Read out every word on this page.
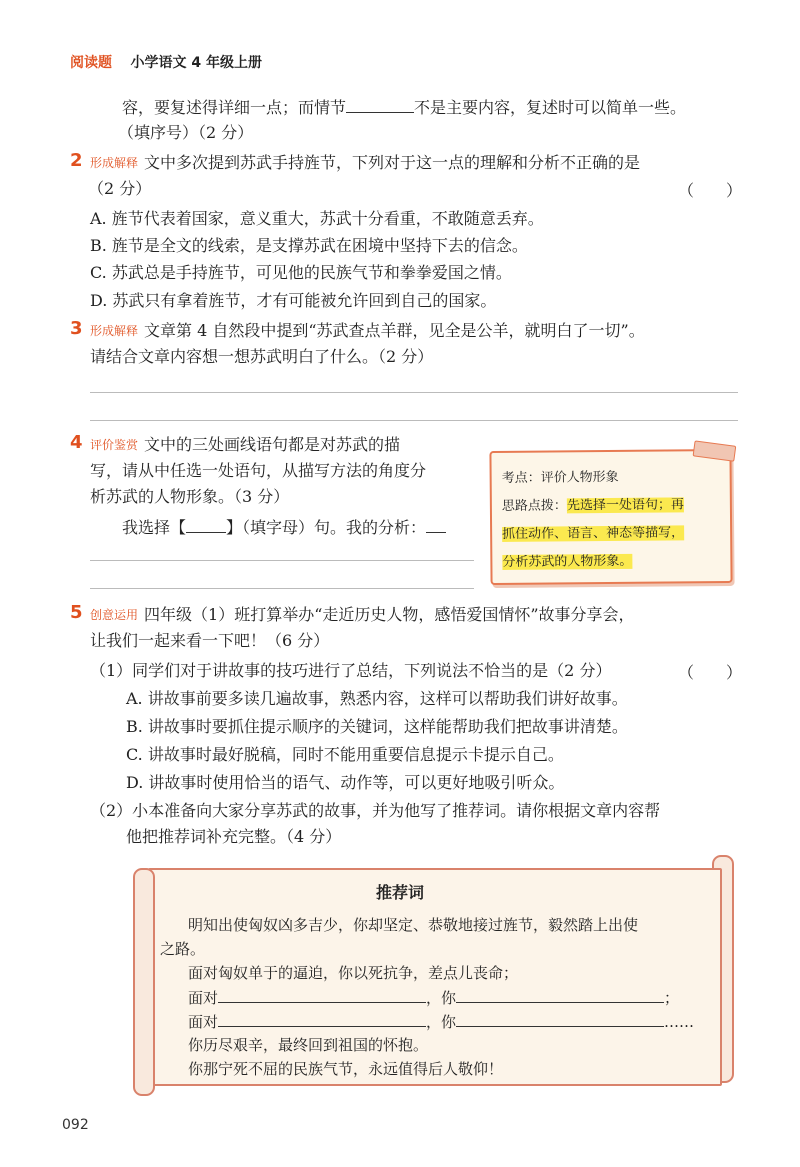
阅读题 小学语文 4 年级上册
容，要复述得详细一点；而情节	不是主要内容，复述时可以简单一些。
（填序号）（2 分）
2 形成解释 文中多次提到苏武手持旌节，下列对于这一点的理解和分析不正确的是
（2 分）	（　　）
A. 旌节代表着国家，意义重大，苏武十分看重，不敢随意丢弃。
B. 旌节是全文的线索，是支撑苏武在困境中坚持下去的信念。
C. 苏武总是手持旌节，可见他的民族气节和拳拳爱国之情。
D. 苏武只有拿着旌节，才有可能被允许回到自己的国家。
3 形成解释 文章第 4 自然段中提到“苏武查点羊群，见全是公羊，就明白了一切”。
请结合文章内容想一想苏武明白了什么。（2 分）
4 评价鉴赏 文中的三处画线语句都是对苏武的描
写，请从中任选一处语句，从描写方法的角度分
析苏武的人物形象。（3 分）
我选择【	】（填字母）句。我的分析：
考点：评价人物形象
思路点拨：先选择一处语句；再
抓住动作、语言、神态等描写，
分析苏武的人物形象。
5 创意运用 四年级（1）班打算举办“走近历史人物，感悟爱国情怀”故事分享会，
让我们一起来看一下吧！（6 分）
（1）同学们对于讲故事的技巧进行了总结，下列说法不恰当的是（2 分）	（　　）
A. 讲故事前要多读几遍故事，熟悉内容，这样可以帮助我们讲好故事。
B. 讲故事时要抓住提示顺序的关键词，这样能帮助我们把故事讲清楚。
C. 讲故事时最好脱稿，同时不能用重要信息提示卡提示自己。
D. 讲故事时使用恰当的语气、动作等，可以更好地吸引听众。
（2）小本准备向大家分享苏武的故事，并为他写了推荐词。请你根据文章内容帮
他把推荐词补充完整。（4 分）
推荐词
明知出使匈奴凶多吉少，你却坚定、恭敬地接过旌节，毅然踏上出使
之路。
面对匈奴单于的逼迫，你以死抗争，差点儿丧命；
面对	，你	；
面对	，你	……
你历尽艰辛，最终回到祖国的怀抱。
你那宁死不屈的民族气节，永远值得后人敬仰！
092
